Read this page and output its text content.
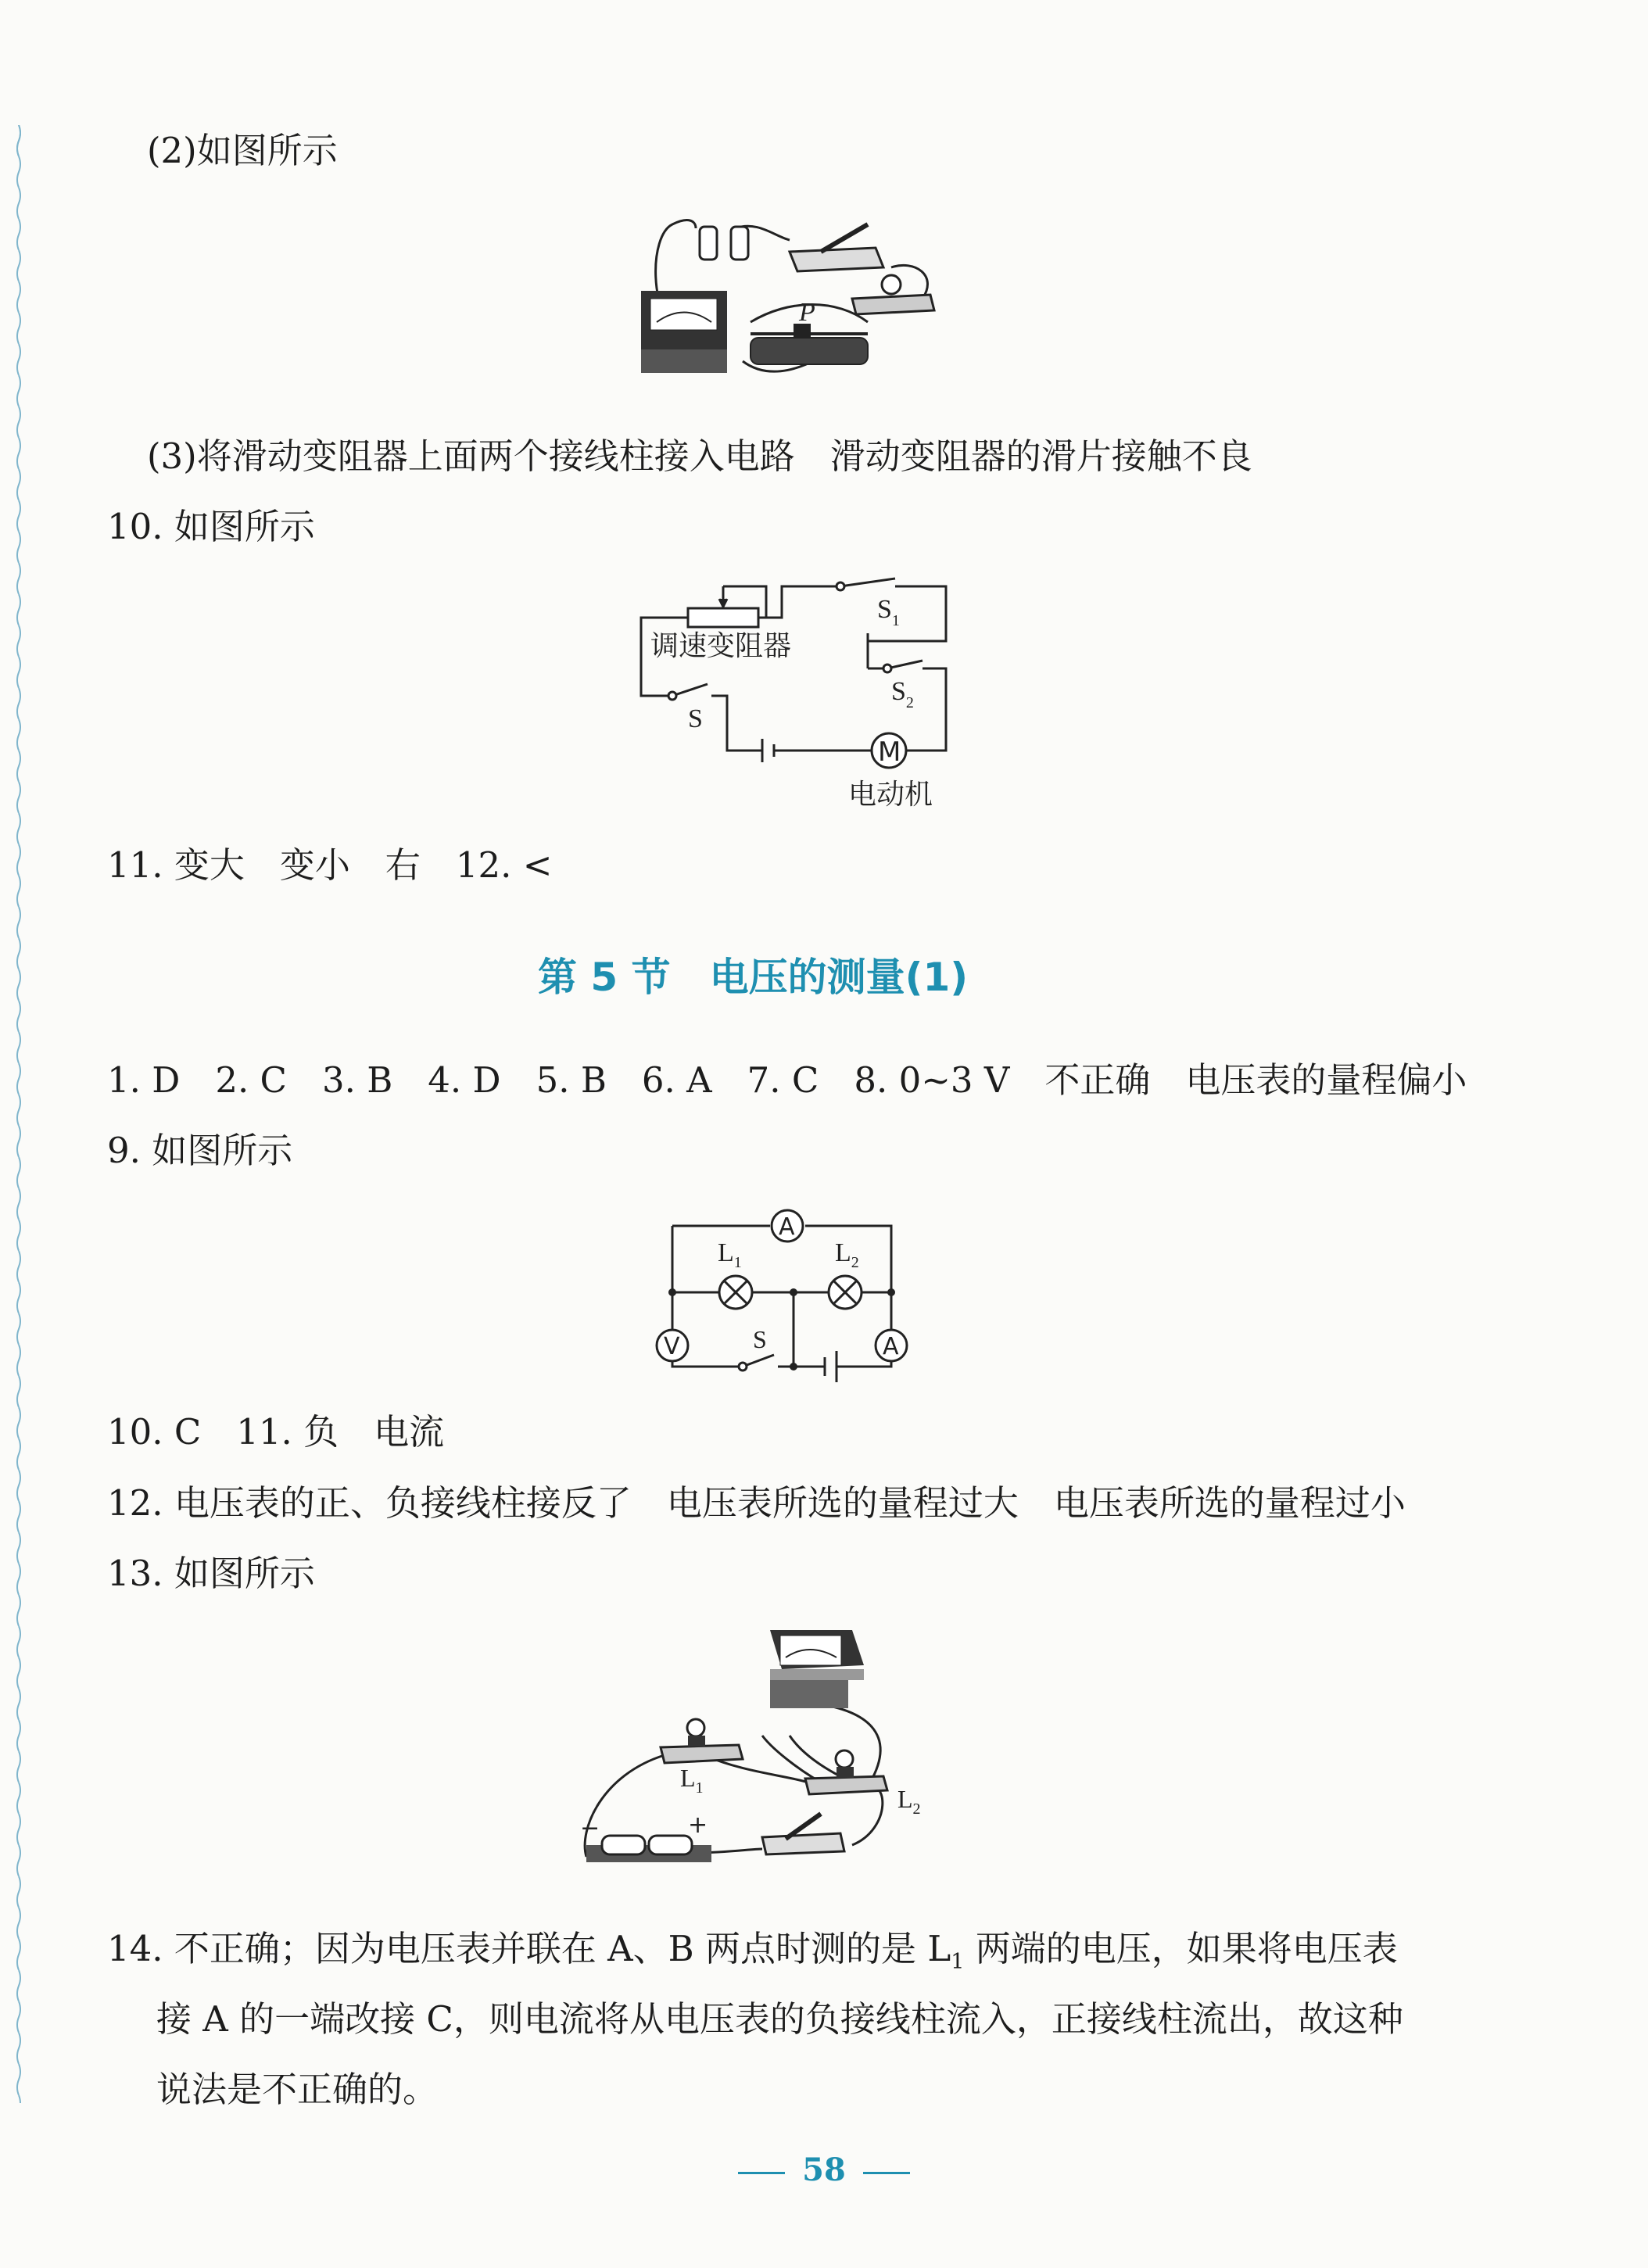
(2)如图所示
P
(3)将滑动变阻器上面两个接线柱接入电路　滑动变阻器的滑片接触不良
10. 如图所示
M
$S_1$
$S_2$
S
调速变阻器
电动机
11. 变大　变小　右　12. <
第 5 节　电压的测量(1)
1. D　2. C　3. B　4. D　5. B　6. A　7. C　8. 0~3 V　不正确　电压表的量程偏小
9. 如图所示
A
A
V
$L_1$	$L_2$
S
10. C　11. 负　电流
12. 电压表的正、负接线柱接反了　电压表所选的量程过大　电压表所选的量程过小
13. 如图所示
$L_1$	$L_2$
−	+
14. 不正确；因为电压表并联在 A、B 两点时测的是 $L_1$ 两端的电压，如果将电压表
接 A 的一端改接 C，则电流将从电压表的负接线柱流入，正接线柱流出，故这种
说法是不正确的。
58
